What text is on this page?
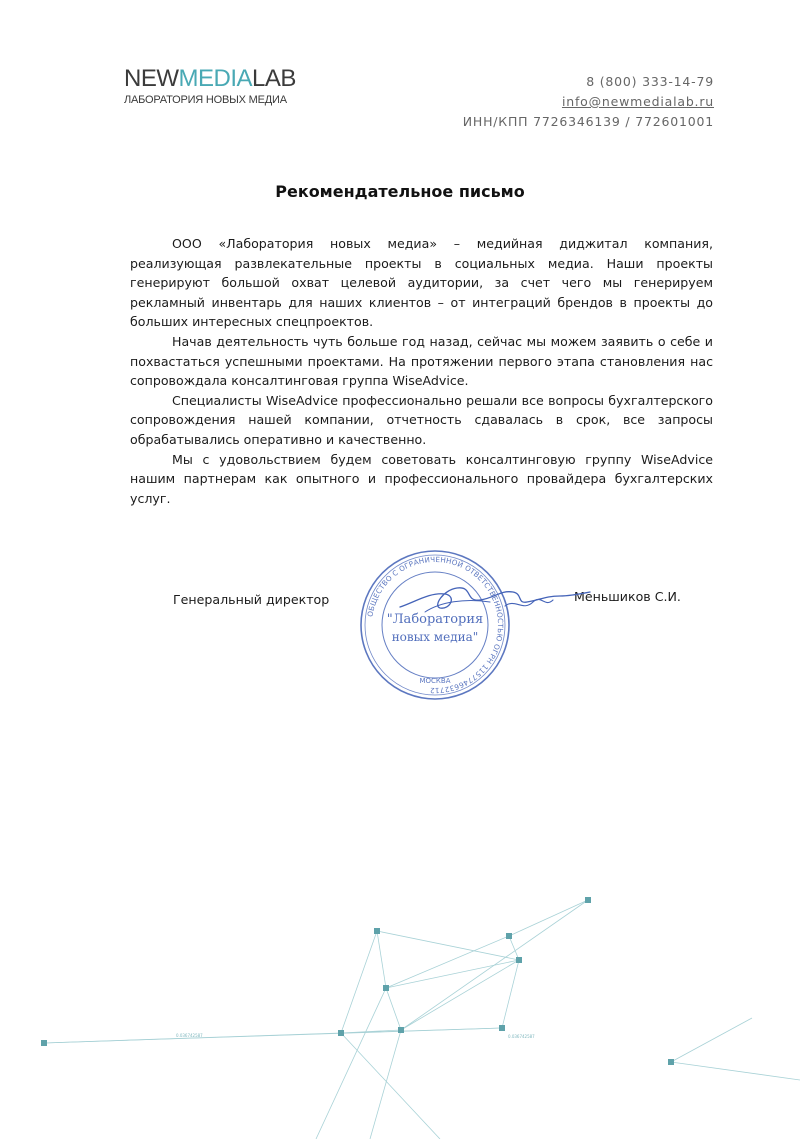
NEWMEDIALAB
ЛАБОРАТОРИЯ НОВЫХ МЕДИА
8 (800) 333-14-79
info@newmedialab.ru
ИНН/КПП 7726346139 / 772601001
Рекомендательное письмо

ООО «Лаборатория новых медиа» – медийная диджитал компания, реализующая развлекательные проекты в социальных медиа. Наши проекты генерируют большой охват целевой аудитории, за счет чего мы генерируем рекламный инвентарь для наших клиентов – от интеграций брендов в проекты до больших интересных спецпроектов.

Начав деятельность чуть больше год назад, сейчас мы можем заявить о себе и похвастаться успешными проектами. На протяжении первого этапа становления нас сопровождала консалтинговая группа WiseAdvice.

Специалисты WiseAdvice профессионально решали все вопросы бухгалтерского сопровождения нашей компании, отчетность сдавалась в срок, все запросы обрабатывались оперативно и качественно.

Мы с удовольствием будем советовать консалтинговую группу WiseAdvice нашим партнерам как опытного и профессионального провайдера бухгалтерских услуг.

Генеральный директор	Меньшиков С.И.
ОБЩЕСТВО С ОГРАНИЧЕННОЙ ОТВЕТСТВЕННОСТЬЮ ОГРН 1157746632712
"Лаборатория
новых медиа"
МОСКВА
0.036742587	0.036742587
